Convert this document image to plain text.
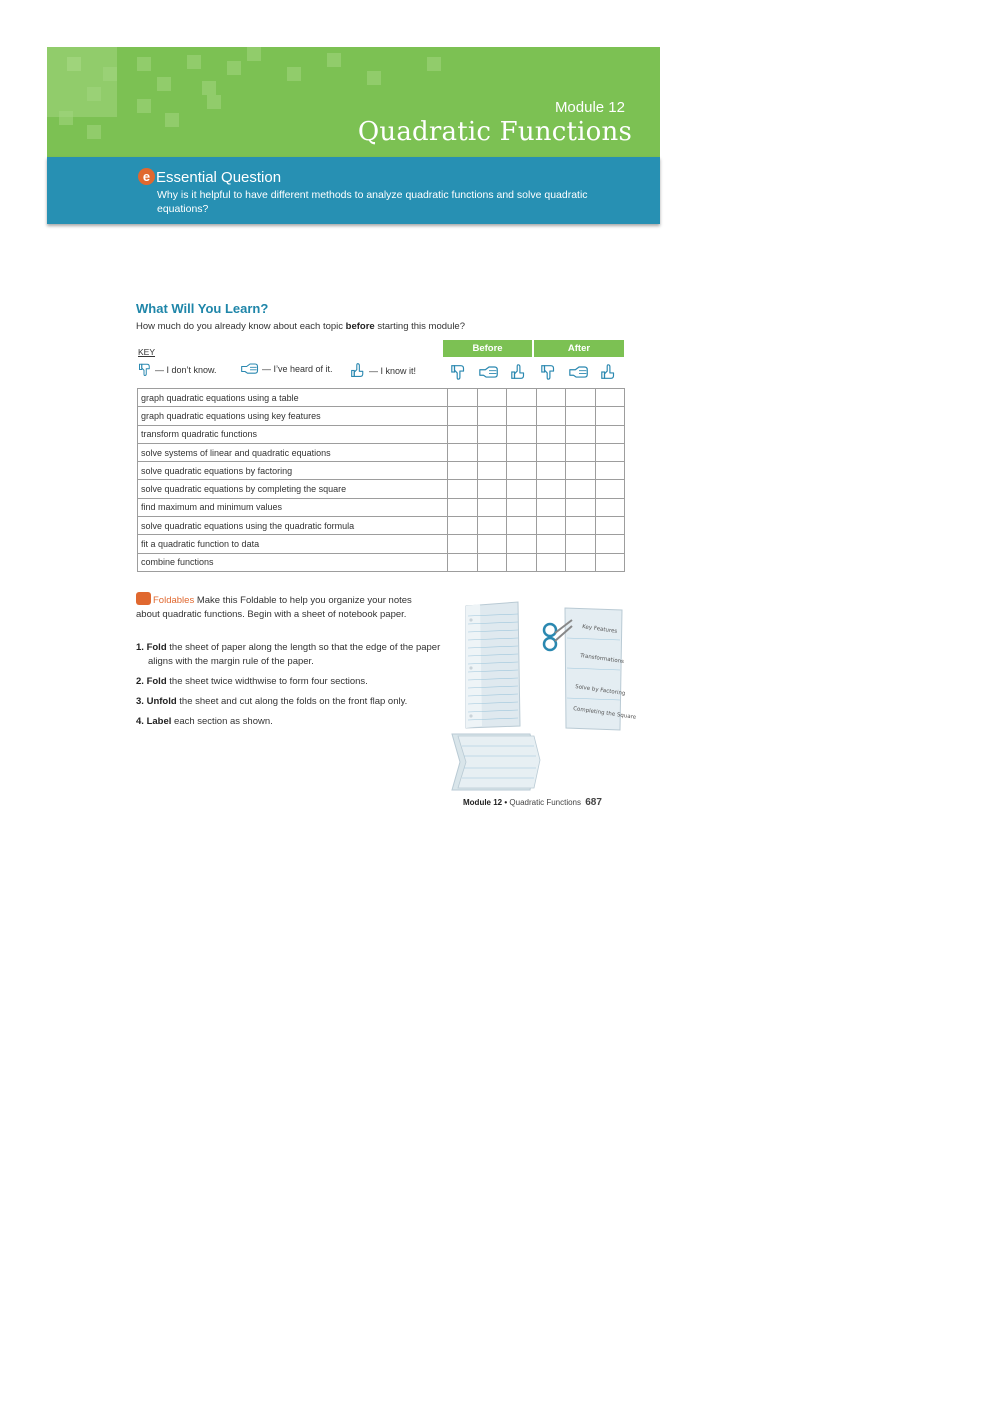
Module 12
Quadratic Functions
e Essential Question
Why is it helpful to have different methods to analyze quadratic functions and solve quadratic equations?
What Will You Learn?
How much do you already know about each topic before starting this module?
KEY
— I don’t know.	— I’ve heard of it.	— I know it!
Before	After
graph quadratic equations using a table						
graph quadratic equations using key features						
transform quadratic functions						
solve systems of linear and quadratic equations						
solve quadratic equations by factoring						
solve quadratic equations by completing the square						
find maximum and minimum values						
solve quadratic equations using the quadratic formula						
fit a quadratic function to data						
combine functions						
Foldables Make this Foldable to help you organize your notes about quadratic functions. Begin with a sheet of notebook paper.
1. Fold the sheet of paper along the length so that the edge of the paper aligns with the margin rule of the paper.
2. Fold the sheet twice widthwise to form four sections.
3. Unfold the sheet and cut along the folds on the front flap only.
4. Label each section as shown.
Key Features
Transformations
Solve by Factoring
Completing the Square
Module 12 • Quadratic Functions 687
